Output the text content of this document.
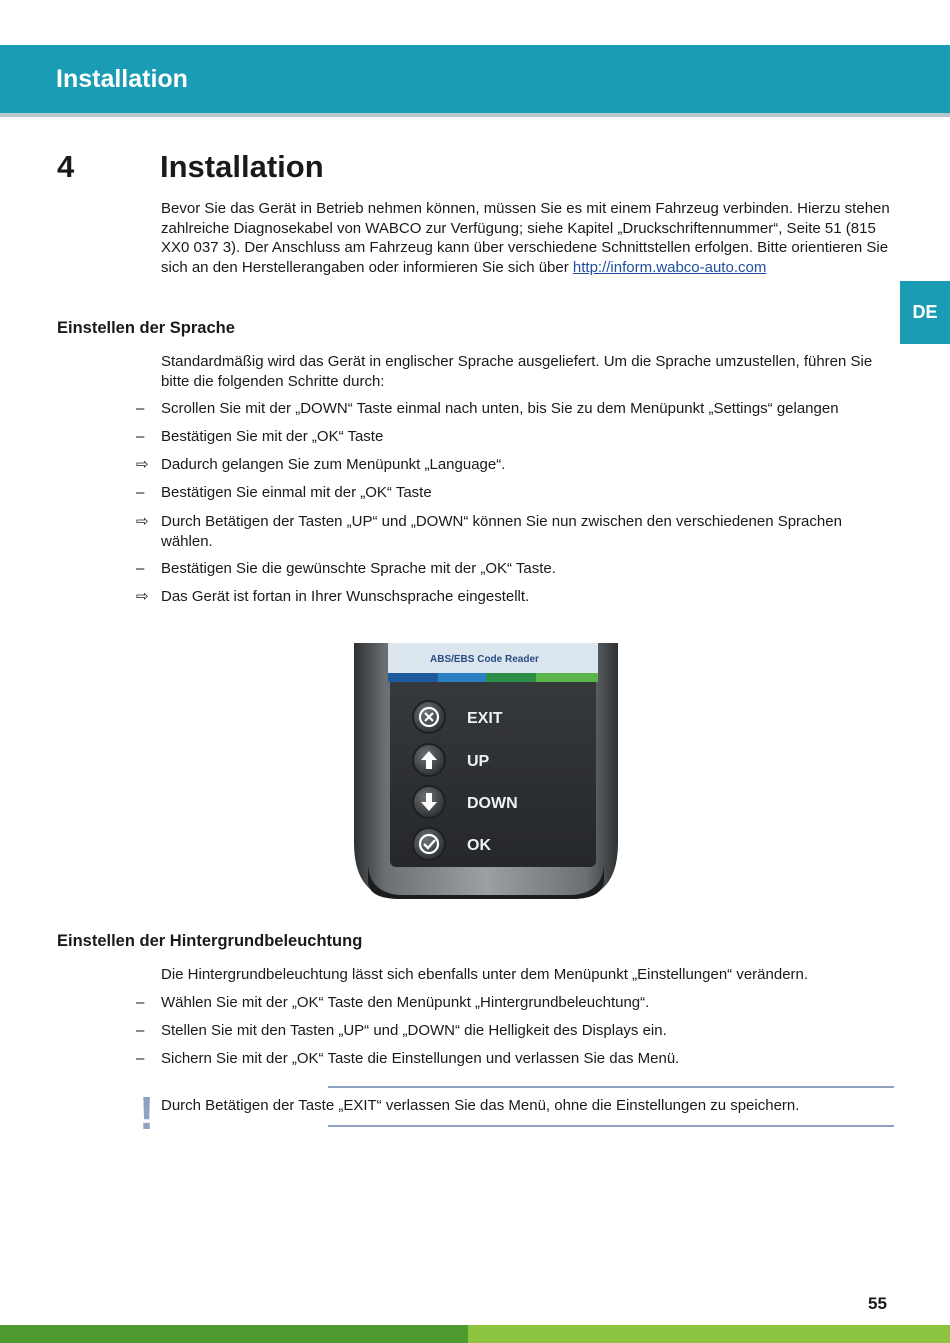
Installation
DE
4	Installation
Bevor Sie das Gerät in Betrieb nehmen können, müssen Sie es mit einem Fahrzeug verbinden. Hierzu stehen zahlreiche Diagnosekabel von WABCO zur Verfügung; siehe Kapitel „Druckschriftennummer“, Seite 51 (815 XX0 037 3). Der Anschluss am Fahrzeug kann über verschiedene Schnittstellen erfolgen. Bitte orientieren Sie sich an den Herstellerangaben oder informieren Sie sich über http://inform.wabco-auto.com
Einstellen der Sprache
Standardmäßig wird das Gerät in englischer Sprache ausgeliefert. Um die Sprache umzustellen, führen Sie bitte die folgenden Schritte durch:
–	Scrollen Sie mit der „DOWN“ Taste einmal nach unten, bis Sie zu dem Menüpunkt „Settings“ gelangen
–	Bestätigen Sie mit der „OK“ Taste
⇨ Dadurch gelangen Sie zum Menüpunkt „Language“.
–	Bestätigen Sie einmal mit der „OK“ Taste
⇨ Durch Betätigen der Tasten „UP“ und „DOWN“ können Sie nun zwischen den verschiedenen Sprachen wählen.
–	Bestätigen Sie die gewünschte Sprache mit der „OK“ Taste.
⇨ Das Gerät ist fortan in Ihrer Wunschsprache eingestellt.
ABS/EBS Code Reader
EXIT
UP
DOWN
OK
Einstellen der Hintergrundbeleuchtung
Die Hintergrundbeleuchtung lässt sich ebenfalls unter dem Menüpunkt „Einstellungen“ verändern.
–	Wählen Sie mit der „OK“ Taste den Menüpunkt „Hintergrundbeleuchtung“.
–	Stellen Sie mit den Tasten „UP“ und „DOWN“ die Helligkeit des Displays ein.
–	Sichern Sie mit der „OK“ Taste die Einstellungen und verlassen Sie das Menü.
! Durch Betätigen der Taste „EXIT“ verlassen Sie das Menü, ohne die Einstellungen zu speichern.
55
